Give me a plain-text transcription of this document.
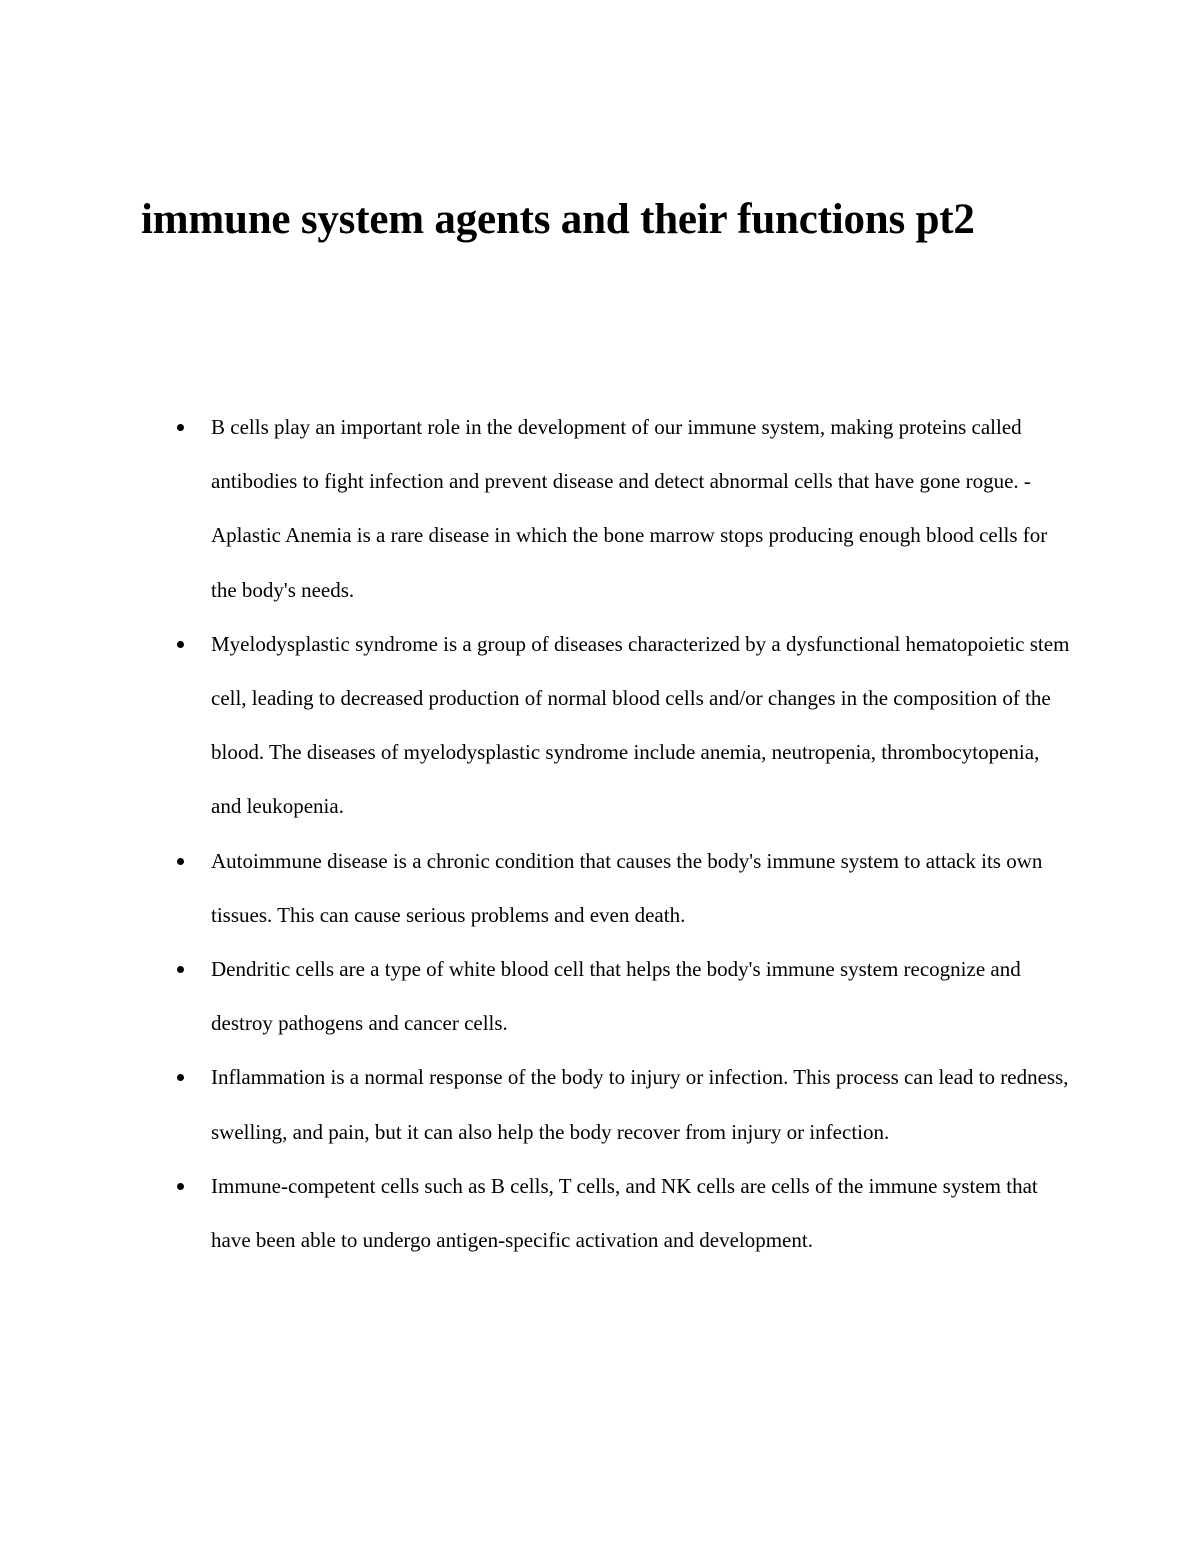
immune system agents and their functions pt2
B cells play an important role in the development of our immune system, making proteins called antibodies to fight infection and prevent disease and detect abnormal cells that have gone rogue. - Aplastic Anemia is a rare disease in which the bone marrow stops producing enough blood cells for the body's needs.
Myelodysplastic syndrome is a group of diseases characterized by a dysfunctional hematopoietic stem cell, leading to decreased production of normal blood cells and/or changes in the composition of the blood. The diseases of myelodysplastic syndrome include anemia, neutropenia, thrombocytopenia, and leukopenia.
Autoimmune disease is a chronic condition that causes the body's immune system to attack its own tissues. This can cause serious problems and even death.
Dendritic cells are a type of white blood cell that helps the body's immune system recognize and destroy pathogens and cancer cells.
Inflammation is a normal response of the body to injury or infection. This process can lead to redness, swelling, and pain, but it can also help the body recover from injury or infection.
Immune-competent cells such as B cells, T cells, and NK cells are cells of the immune system that have been able to undergo antigen-specific activation and development.
